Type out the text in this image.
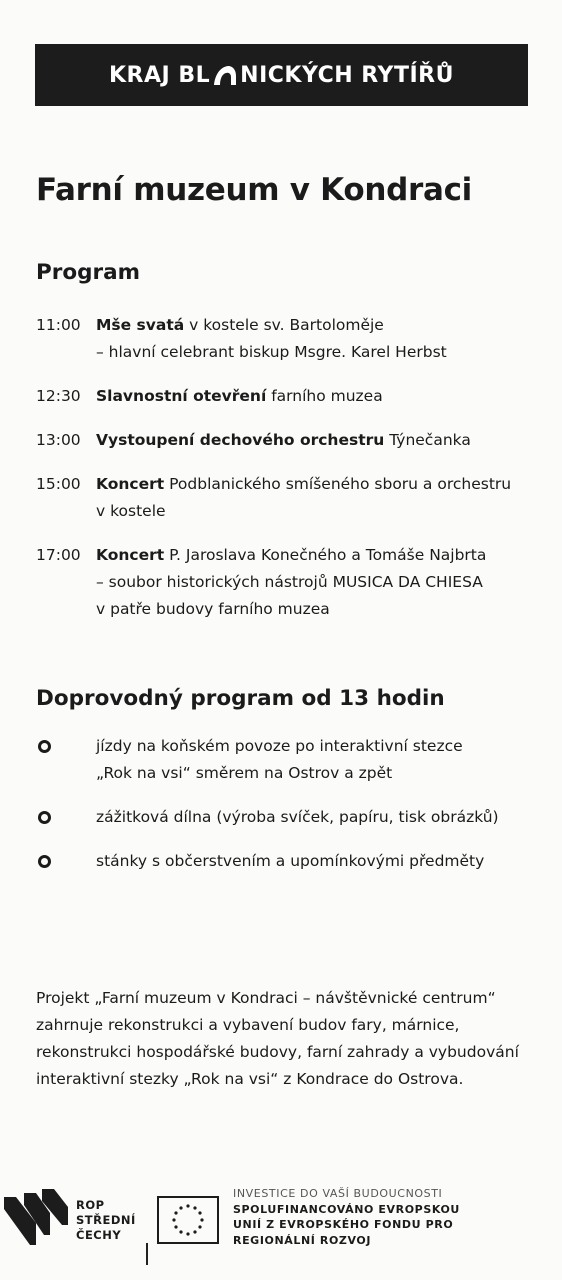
KRAJ BL NICKÝCH RYTÍŘŮ
Farní muzeum v Kondraci
Program
11:00 Mše svatá v kostele sv. Bartoloměje
– hlavní celebrant biskup Msgre. Karel Herbst
12:30 Slavnostní otevření farního muzea
13:00 Vystoupení dechového orchestru Týnečanka
15:00 Koncert Podblanického smíšeného sboru a orchestru
v kostele
17:00 Koncert P. Jaroslava Konečného a Tomáše Najbrta
– soubor historických nástrojů MUSICA DA CHIESA
v patře budovy farního muzea
Doprovodný program od 13 hodin
jízdy na koňském povoze po interaktivní stezce
„Rok na vsi“ směrem na Ostrov a zpět
zážitková dílna (výroba svíček, papíru, tisk obrázků)
stánky s občerstvením a upomínkovými předměty
Projekt „Farní muzeum v Kondraci – návštěvnické centrum“
zahrnuje rekonstrukci a vybavení budov fary, márnice,
rekonstrukci hospodářské budovy, farní zahrady a vybudování
interaktivní stezky „Rok na vsi“ z Kondrace do Ostrova.
ROP
STŘEDNÍ
ČECHY
INVESTICE DO VAŠÍ BUDOUCNOSTI
SPOLUFINANCOVÁNO EVROPSKOU
UNIÍ Z EVROPSKÉHO FONDU PRO
REGIONÁLNÍ ROZVOJ
